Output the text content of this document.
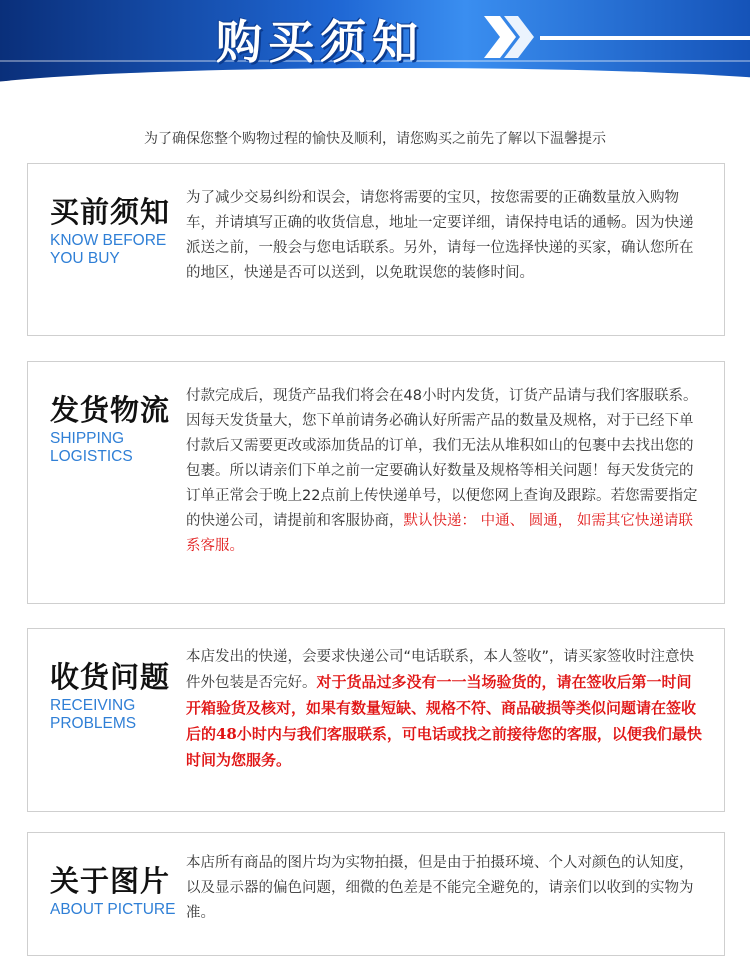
购买须知
为了确保您整个购物过程的愉快及顺利，请您购买之前先了解以下温馨提示
买前须知
KNOW BEFORE YOU BUY
为了减少交易纠纷和误会，请您将需要的宝贝，按您需要的正确数量放入购物车，并请填写正确的收货信息，地址一定要详细，请保持电话的通畅。因为快递派送之前，一般会与您电话联系。另外，请每一位选择快递的买家，确认您所在的地区，快递是否可以送到，以免耽误您的装修时间。
发货物流
SHIPPING LOGISTICS
付款完成后，现货产品我们将会在48小时内发货，订货产品请与我们客服联系。因每天发货量大，您下单前请务必确认好所需产品的数量及规格，对于已经下单付款后又需要更改或添加货品的订单，我们无法从堆积如山的包裹中去找出您的包裹。所以请亲们下单之前一定要确认好数量及规格等相关问题！每天发货完的订单正常会于晚上22点前上传快递单号，以便您网上查询及跟踪。若您需要指定的快递公司，请提前和客服协商，默认快递： 中通、 圆通， 如需其它快递请联系客服。
收货问题
RECEIVING PROBLEMS
本店发出的快递，会要求快递公司“电话联系，本人签收”，请买家签收时注意快件外包装是否完好。对于货品过多没有一一当场验货的，请在签收后第一时间开箱验货及核对，如果有数量短缺、规格不符、商品破损等类似问题请在签收后的48小时内与我们客服联系，可电话或找之前接待您的客服，以便我们最快时间为您服务。
关于图片
ABOUT PICTURE
本店所有商品的图片均为实物拍摄，但是由于拍摄环境、个人对颜色的认知度，以及显示器的偏色问题，细微的色差是不能完全避免的，请亲们以收到的实物为准。
